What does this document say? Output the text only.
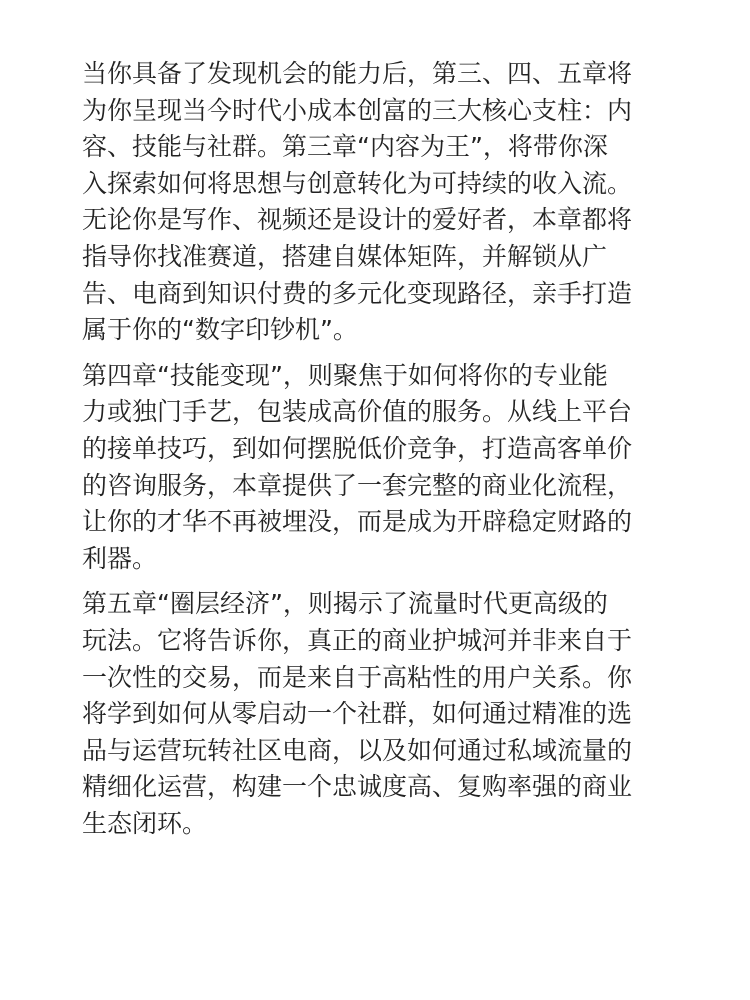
当你具备了发现机会的能力后，第三、四、五章将
为你呈现当今时代小成本创富的三大核心支柱：内
容、技能与社群。第三章“内容为王”，将带你深
入探索如何将思想与创意转化为可持续的收入流。
无论你是写作、视频还是设计的爱好者，本章都将
指导你找准赛道，搭建自媒体矩阵，并解锁从广
告、电商到知识付费的多元化变现路径，亲手打造
属于你的“数字印钞机”。
第四章“技能变现”，则聚焦于如何将你的专业能
力或独门手艺，包装成高价值的服务。从线上平台
的接单技巧，到如何摆脱低价竞争，打造高客单价
的咨询服务，本章提供了一套完整的商业化流程，
让你的才华不再被埋没，而是成为开辟稳定财路的
利器。
第五章“圈层经济”，则揭示了流量时代更高级的
玩法。它将告诉你，真正的商业护城河并非来自于
一次性的交易，而是来自于高粘性的用户关系。你
将学到如何从零启动一个社群，如何通过精准的选
品与运营玩转社区电商，以及如何通过私域流量的
精细化运营，构建一个忠诚度高、复购率强的商业
生态闭环。
